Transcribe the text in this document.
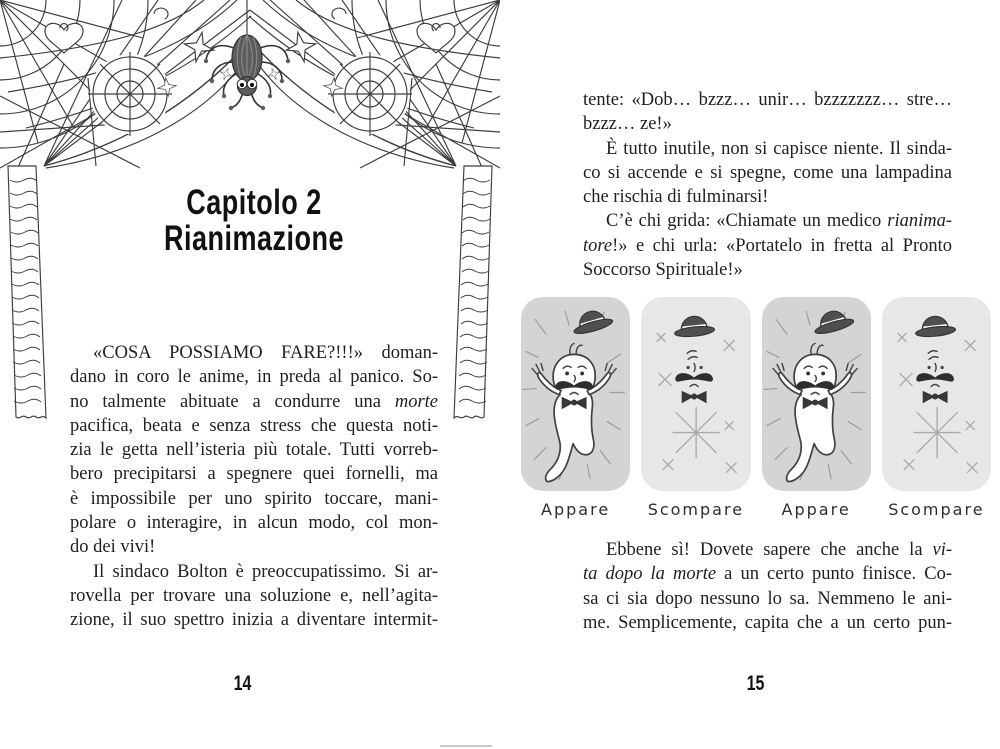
Capitolo 2
Rianimazione
«COSA POSSIAMO FARE?!!!» doman-
dano in coro le anime, in preda al panico. So-
no talmente abituate a condurre una morte
pacifica, beata e senza stress che questa noti-
zia le getta nell’isteria più totale. Tutti vorreb-
bero precipitarsi a spegnere quei fornelli, ma
è impossibile per uno spirito toccare, mani-
polare o interagire, in alcun modo, col mon-
do dei vivi!
Il sindaco Bolton è preoccupatissimo. Si ar-
rovella per trovare una soluzione e, nell’agita-
zione, il suo spettro inizia a diventare intermit-
14
tente: «Dob… bzzz… unir… bzzzzzzz… stre…
bzzz… ze!»
È tutto inutile, non si capisce niente. Il sinda-
co si accende e si spegne, come una lampadina
che rischia di fulminarsi!
C’è chi grida: «Chiamate un medico rianima-
tore!» e chi urla: «Portatelo in fretta al Pronto
Soccorso Spirituale!»
Appare Scompare Appare Scompare
Ebbene sì! Dovete sapere che anche la vi-
ta dopo la morte a un certo punto finisce. Co-
sa ci sia dopo nessuno lo sa. Nemmeno le ani-
me. Semplicemente, capita che a un certo pun-
15
